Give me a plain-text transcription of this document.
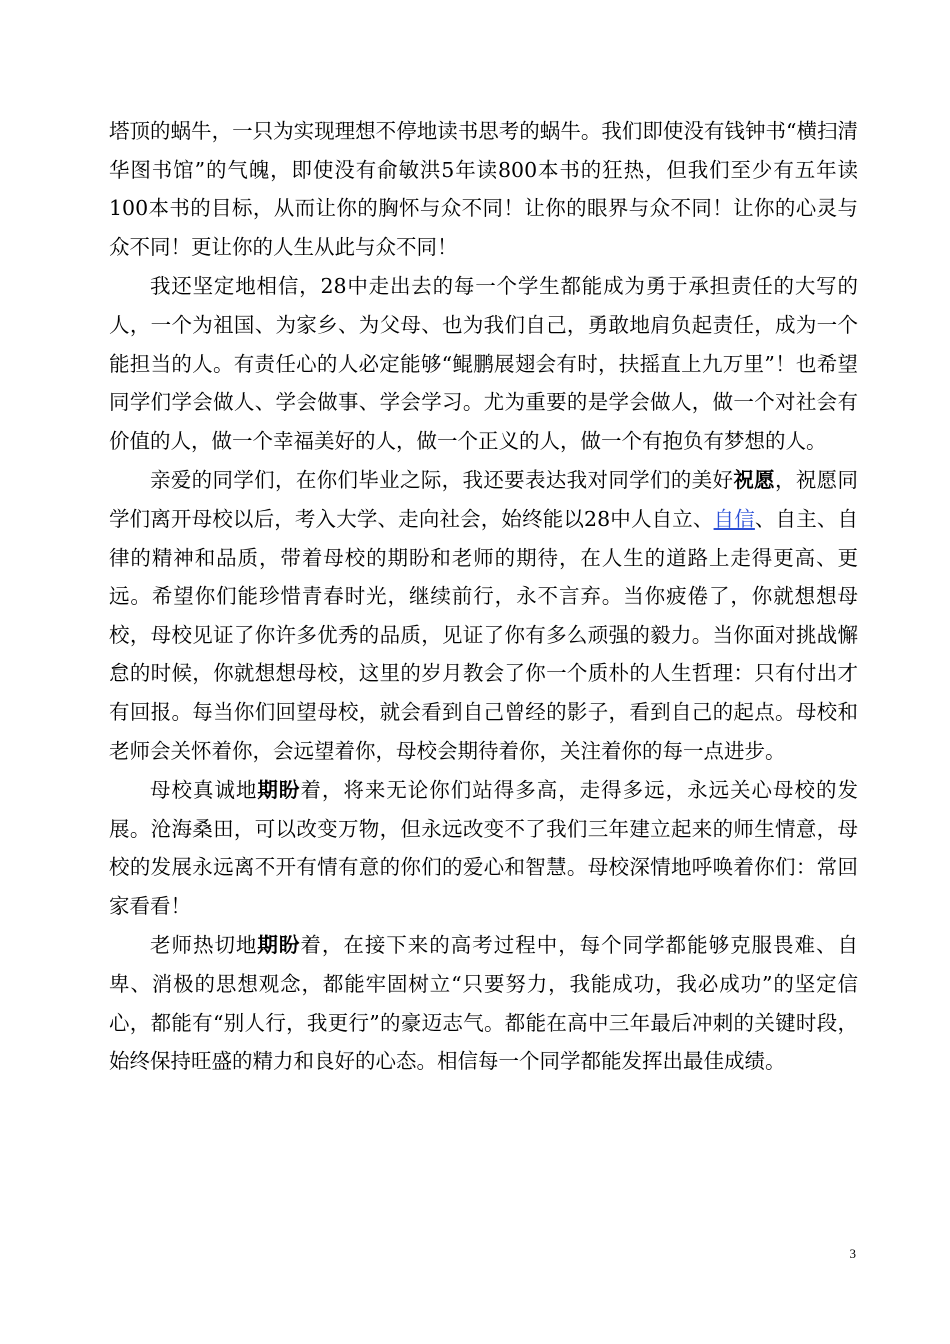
塔顶的蜗牛，一只为实现理想不停地读书思考的蜗牛。我们即使没有钱钟书“横扫清华图书馆”的气魄，即使没有俞敏洪5年读800本书的狂热，但我们至少有五年读100本书的目标，从而让你的胸怀与众不同！让你的眼界与众不同！让你的心灵与众不同！更让你的人生从此与众不同！

我还坚定地相信，28中走出去的每一个学生都能成为勇于承担责任的大写的人，一个为祖国、为家乡、为父母、也为我们自己，勇敢地肩负起责任，成为一个能担当的人。有责任心的人必定能够“鲲鹏展翅会有时，扶摇直上九万里”！也希望同学们学会做人、学会做事、学会学习。尤为重要的是学会做人，做一个对社会有价值的人，做一个幸福美好的人，做一个正义的人，做一个有抱负有梦想的人。

亲爱的同学们，在你们毕业之际，我还要表达我对同学们的美好祝愿，祝愿同学们离开母校以后，考入大学、走向社会，始终能以28中人自立、自信、自主、自律的精神和品质，带着母校的期盼和老师的期待，在人生的道路上走得更高、更远。希望你们能珍惜青春时光，继续前行，永不言弃。当你疲倦了，你就想想母校，母校见证了你许多优秀的品质，见证了你有多么顽强的毅力。当你面对挑战懈怠的时候，你就想想母校，这里的岁月教会了你一个质朴的人生哲理：只有付出才有回报。每当你们回望母校，就会看到自己曾经的影子，看到自己的起点。母校和老师会关怀着你，会远望着你，母校会期待着你，关注着你的每一点进步。

母校真诚地期盼着，将来无论你们站得多高，走得多远，永远关心母校的发展。沧海桑田，可以改变万物，但永远改变不了我们三年建立起来的师生情意，母校的发展永远离不开有情有意的你们的爱心和智慧。母校深情地呼唤着你们：常回家看看！

老师热切地期盼着，在接下来的高考过程中，每个同学都能够克服畏难、自卑、消极的思想观念，都能牢固树立“只要努力，我能成功，我必成功”的坚定信心，都能有“别人行，我更行”的豪迈志气。都能在高中三年最后冲刺的关键时段，始终保持旺盛的精力和良好的心态。相信每一个同学都能发挥出最佳成绩。

3
